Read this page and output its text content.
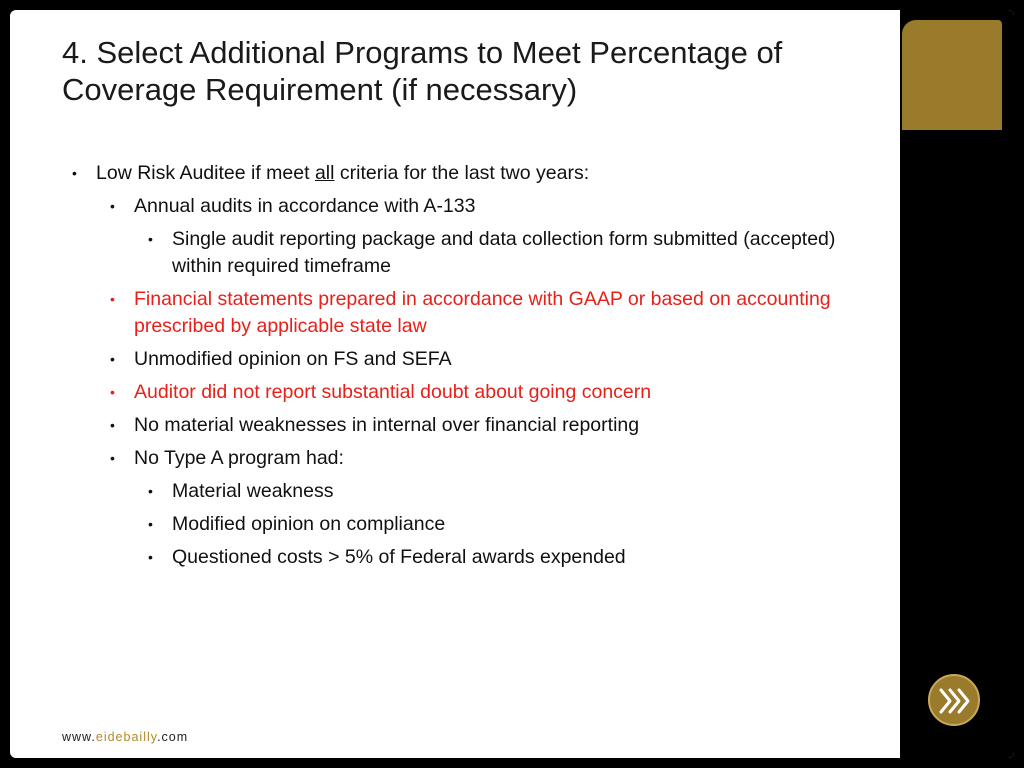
4. Select Additional Programs to Meet Percentage of Coverage Requirement (if necessary)
• Low Risk Auditee if meet all criteria for the last two years:
• Annual audits in accordance with A-133
• Single audit reporting package and data collection form submitted (accepted) within required timeframe
• Financial statements prepared in accordance with GAAP or based on accounting prescribed by applicable state law
• Unmodified opinion on FS and SEFA
• Auditor did not report substantial doubt about going concern
• No material weaknesses in internal over financial reporting
• No Type A program had:
• Material weakness
• Modified opinion on compliance
• Questioned costs > 5% of Federal awards expended
www.eidebailly.com
